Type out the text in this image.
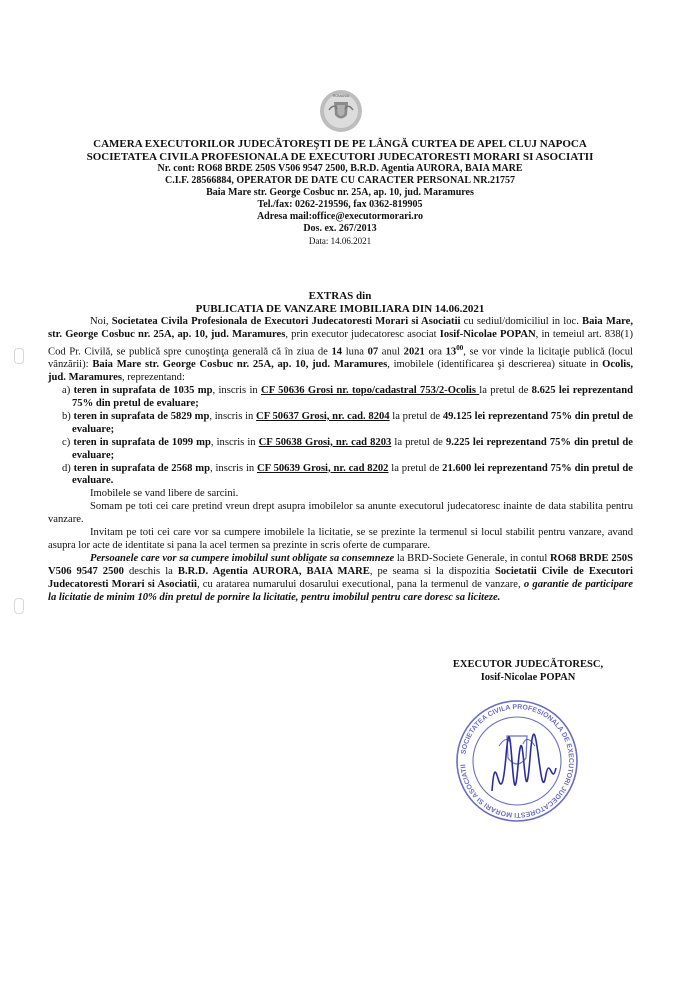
ROMANIA
CAMERA EXECUTORILOR JUDECĂTOREŞTI DE PE LÂNGĂ CURTEA DE APEL CLUJ NAPOCA
SOCIETATEA CIVILA PROFESIONALA DE EXECUTORI JUDECATORESTI MORARI SI ASOCIATII
Nr. cont: RO68 BRDE 250S V506 9547 2500, B.R.D. Agentia AURORA, BAIA MARE
C.I.F. 28566884, OPERATOR DE DATE CU CARACTER PERSONAL NR.21757
Baia Mare str. George Cosbuc nr. 25A, ap. 10, jud. Maramures
Tel./fax: 0262-219596, fax 0362-819905
Adresa mail:office@executormorari.ro
Dos. ex. 267/2013
Data: 14.06.2021
EXTRAS din
PUBLICATIA DE VANZARE IMOBILIARA DIN 14.06.2021

Noi, Societatea Civila Profesionala de Executori Judecatoresti Morari si Asociatii cu sediul/domiciliul in loc. Baia Mare, str. George Cosbuc nr. 25A, ap. 10, jud. Maramures, prin executor judecatoresc asociat Iosif-Nicolae POPAN, in temeiul art. 838(1) Cod Pr. Civilă, se publică spre cunoştinţa generală că în ziua de 14 luna 07 anul 2021 ora $13^{00}$, se vor vinde la licitaţie publică (locul vânzării): Baia Mare str. George Cosbuc nr. 25A, ap. 10, jud. Maramures, imobilele (identificarea şi descrierea) situate in Ocolis, jud. Maramures, reprezentand:

a) teren in suprafata de 1035 mp, inscris in CF 50636 Grosi nr. topo/cadastral 753/2-Ocolis la pretul de 8.625 lei reprezentand 75% din pretul de evaluare;

b) teren in suprafata de 5829 mp, inscris in CF 50637 Grosi, nr. cad. 8204 la pretul de 49.125 lei reprezentand 75% din pretul de evaluare;

c) teren in suprafata de 1099 mp, inscris in CF 50638 Grosi, nr. cad 8203 la pretul de 9.225 lei reprezentand 75% din pretul de evaluare;

d) teren in suprafata de 2568 mp, inscris in CF 50639 Grosi, nr. cad 8202 la pretul de 21.600 lei reprezentand 75% din pretul de evaluare.

Imobilele se vand libere de sarcini.

Somam pe toti cei care pretind vreun drept asupra imobilelor sa anunte executorul judecatoresc inainte de data stabilita pentru vanzare.

Invitam pe toti cei care vor sa cumpere imobilele la licitatie, se se prezinte la termenul si locul stabilit pentru vanzare, avand asupra lor acte de identitate si pana la acel termen sa prezinte in scris oferte de cumparare.

Persoanele care vor sa cumpere imobilul sunt obligate sa consemneze la BRD-Societe Generale, in contul RO68 BRDE 250S V506 9547 2500 deschis la B.R.D. Agentia AURORA, BAIA MARE, pe seama si la dispozitia Societatii Civile de Executori Judecatoresti Morari si Asociatii, cu aratarea numarului dosarului executional, pana la termenul de vanzare, o garantie de participare la licitatie de minim 10% din pretul de pornire la licitatie, pentru imobilul pentru care doresc sa liciteze.

EXECUTOR JUDECĂTORESC,
Iosif-Nicolae POPAN
SOCIETATEA CIVILA PROFESIONALA DE EXECUTORI JUDECATORESTI MORARI SI ASOCIATII
